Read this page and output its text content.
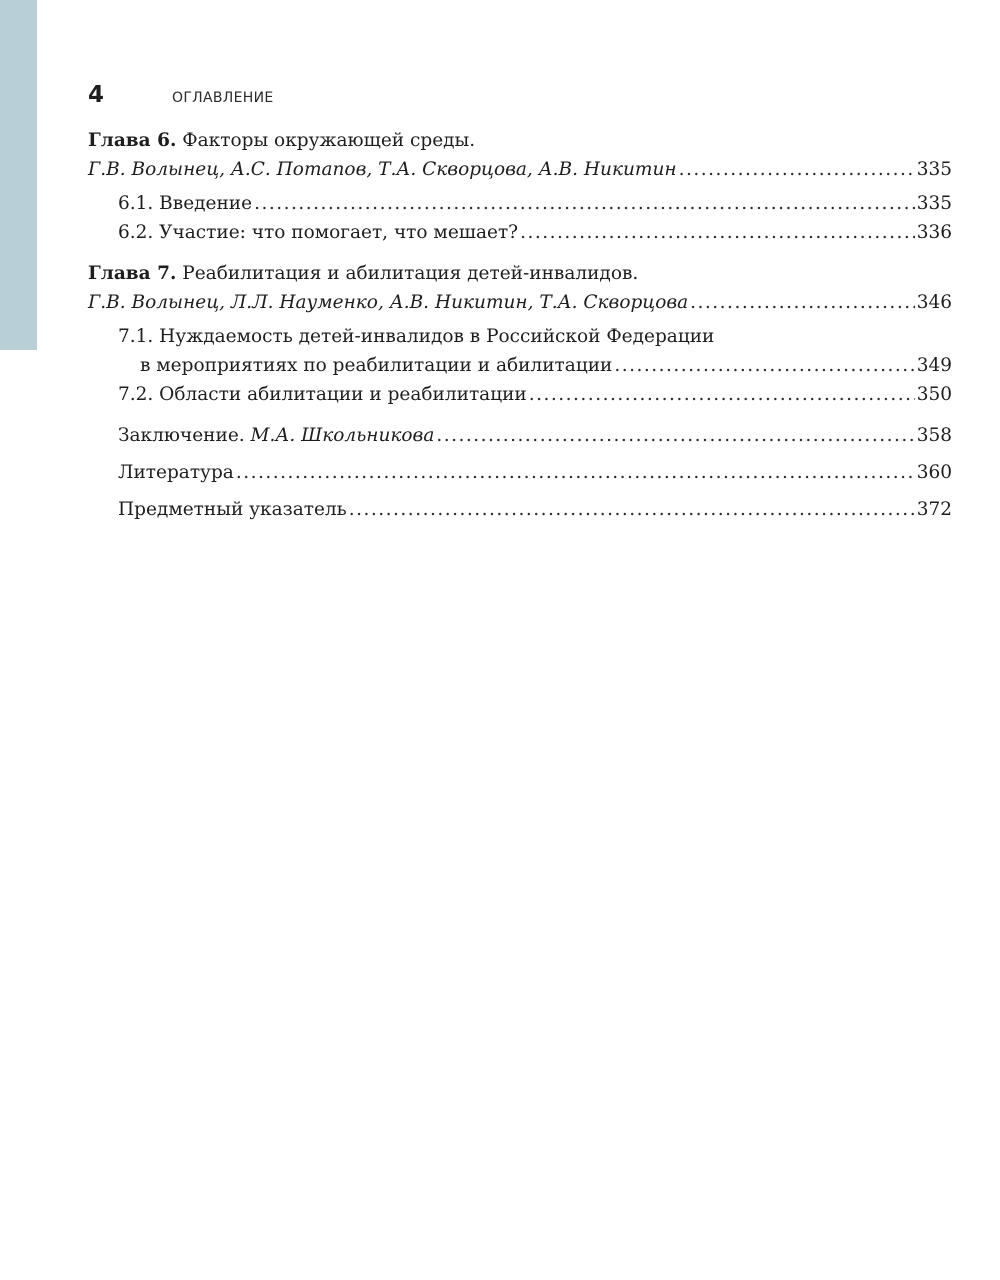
4	ОГЛАВЛЕНИЕ
Глава 6. Факторы окружающей среды.
Г.В. Волынец, А.С. Потапов, Т.А. Скворцова, А.В. Никитин .....	335
6.1. Введение .....	335
6.2. Участие: что помогает, что мешает? .....	336
Глава 7. Реабилитация и абилитация детей-инвалидов.
Г.В. Волынец, Л.Л. Науменко, А.В. Никитин, Т.А. Скворцова .....	346
7.1. Нуждаемость детей-инвалидов в Российской Федерации
в мероприятиях по реабилитации и абилитации .....	349
7.2. Области абилитации и реабилитации .....	350
Заключение. М.А. Школьникова .....	358
Литература .....	360
Предметный указатель .....	372
